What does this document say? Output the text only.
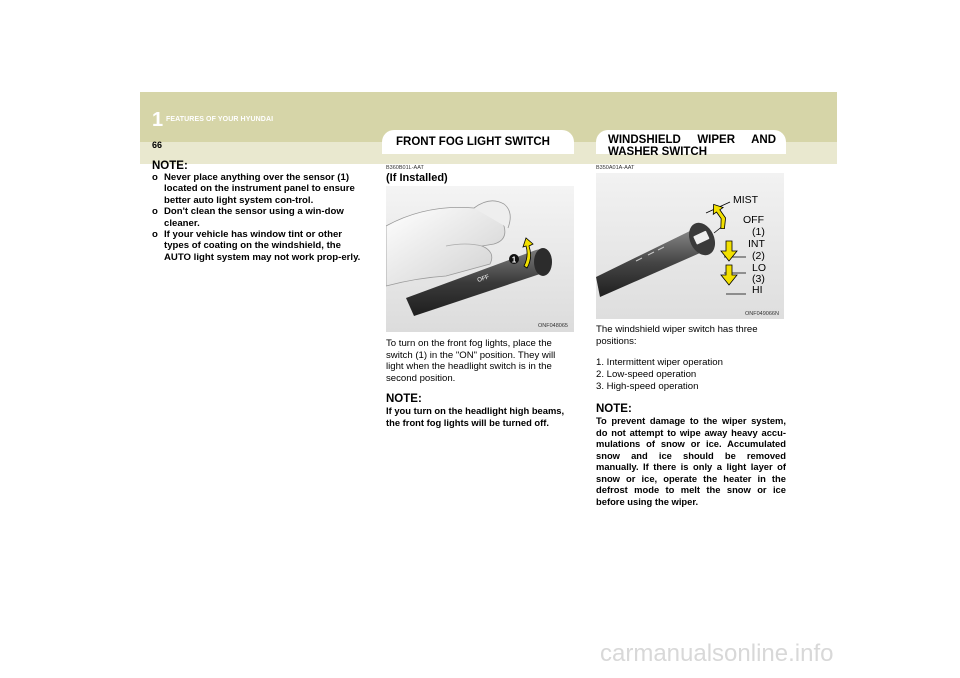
1 FEATURES OF YOUR HYUNDAI
66
NOTE:
o Never place anything over the sensor (1) located on the instrument panel to ensure better auto light system con-trol.
o Don't clean the sensor using a win-dow cleaner.
o If your vehicle has window tint or other types of coating on the windshield, the AUTO light system may not work prop-erly.
FRONT FOG LIGHT SWITCH
B360B01L-AAT
(If Installed)
1
OFF
ONF048065
To turn on the front fog lights, place the switch (1) in the "ON" position. They will light when the headlight switch is in the second position.
NOTE:
If you turn on the headlight high beams, the front fog lights will be turned off.
WINDSHIELD WIPER AND
WASHER SWITCH
B350A01A-AAT
MIST
OFF
(1)
INT
(2)
LO
(3)
HI
ONF049066N
The windshield wiper switch has three positions:
1. Intermittent wiper operation
2. Low-speed operation
3. High-speed operation
NOTE:
To prevent damage to the wiper system, do not attempt to wipe away heavy accu-mulations of snow or ice. Accumulated snow and ice should be removed manually. If there is only a light layer of snow or ice, operate the heater in the defrost mode to melt the snow or ice before using the wiper.
carmanualsonline.info
